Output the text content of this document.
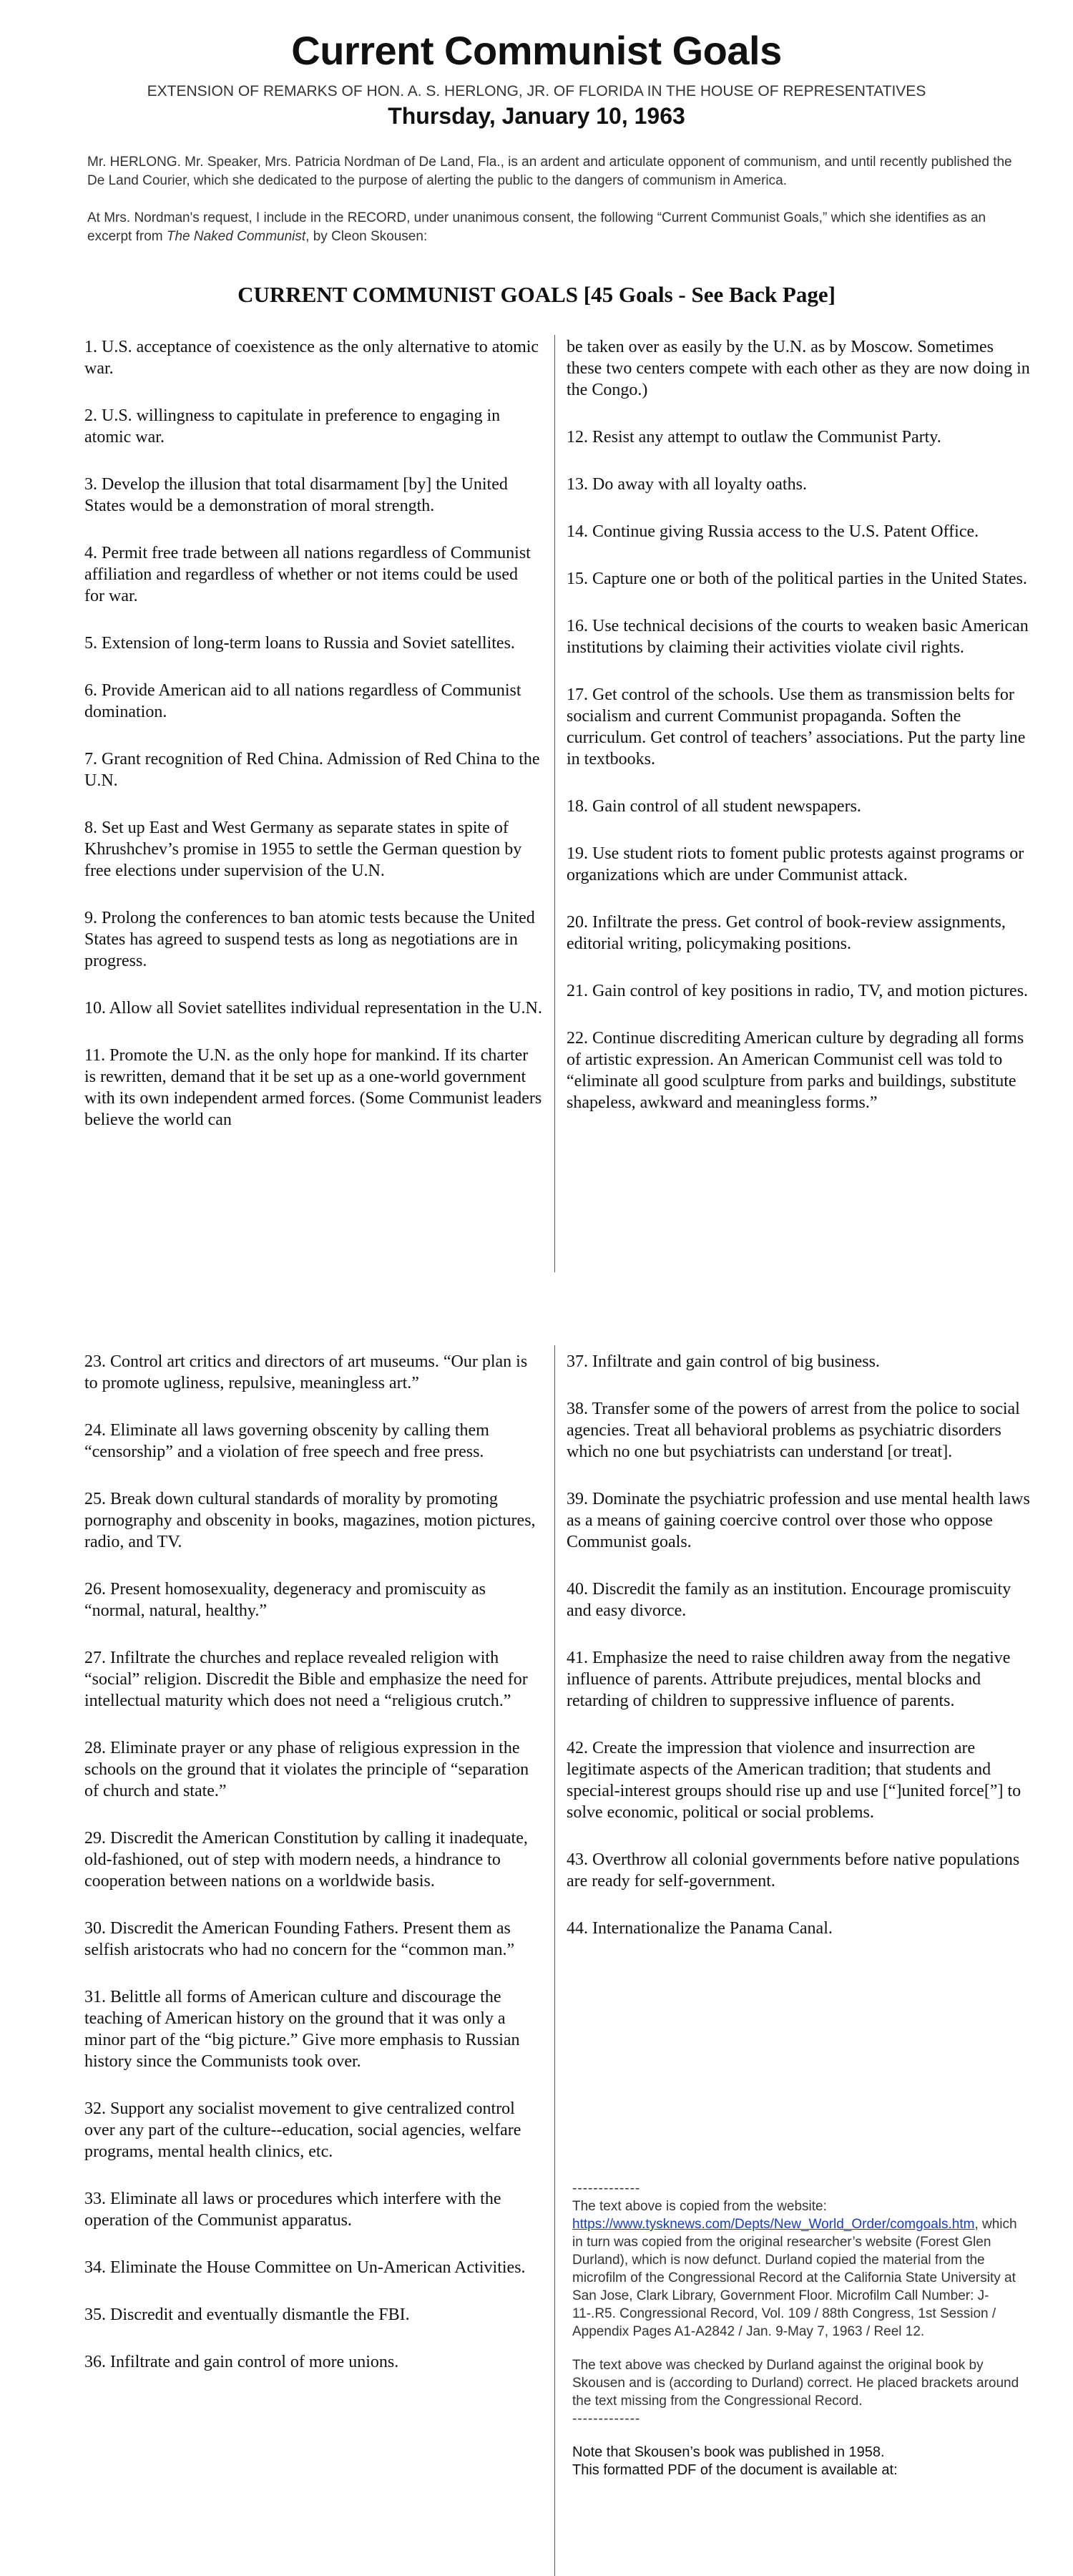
Current Communist Goals
EXTENSION OF REMARKS OF HON. A. S. HERLONG, JR. OF FLORIDA IN THE HOUSE OF REPRESENTATIVES
Thursday, January 10, 1963
Mr. HERLONG. Mr. Speaker, Mrs. Patricia Nordman of De Land, Fla., is an ardent and articulate opponent of communism, and until recently published the De Land Courier, which she dedicated to the purpose of alerting the public to the dangers of communism in America.
At Mrs. Nordman's request, I include in the RECORD, under unanimous consent, the following “Current Communist Goals,” which she identifies as an excerpt from The Naked Communist, by Cleon Skousen:
CURRENT COMMUNIST GOALS [45 Goals - See Back Page]

1. U.S. acceptance of coexistence as the only alternative to atomic war.

2. U.S. willingness to capitulate in preference to engaging in atomic war.

3. Develop the illusion that total disarmament [by] the United States would be a demonstration of moral strength.

4. Permit free trade between all nations regardless of Communist affiliation and regardless of whether or not items could be used for war.

5. Extension of long-term loans to Russia and Soviet satellites.

6. Provide American aid to all nations regardless of Communist domination.

7. Grant recognition of Red China. Admission of Red China to the U.N.

8. Set up East and West Germany as separate states in spite of Khrushchev’s promise in 1955 to settle the German question by free elections under supervision of the U.N.

9. Prolong the conferences to ban atomic tests because the United States has agreed to suspend tests as long as negotiations are in progress.

10. Allow all Soviet satellites individual representation in the U.N.

11. Promote the U.N. as the only hope for mankind. If its charter is rewritten, demand that it be set up as a one-world government with its own independent armed forces. (Some Communist leaders believe the world can

be taken over as easily by the U.N. as by Moscow. Sometimes these two centers compete with each other as they are now doing in the Congo.)

12. Resist any attempt to outlaw the Communist Party.

13. Do away with all loyalty oaths.

14. Continue giving Russia access to the U.S. Patent Office.

15. Capture one or both of the political parties in the United States.

16. Use technical decisions of the courts to weaken basic American institutions by claiming their activities violate civil rights.

17. Get control of the schools. Use them as transmission belts for socialism and current Communist propaganda. Soften the curriculum. Get control of teachers’ associations. Put the party line in textbooks.

18. Gain control of all student newspapers.

19. Use student riots to foment public protests against programs or organizations which are under Communist attack.

20. Infiltrate the press. Get control of book-review assignments, editorial writing, policymaking positions.

21. Gain control of key positions in radio, TV, and motion pictures.

22. Continue discrediting American culture by degrading all forms of artistic expression. An American Communist cell was told to “eliminate all good sculpture from parks and buildings, substitute shapeless, awkward and meaningless forms.”

23. Control art critics and directors of art museums. “Our plan is to promote ugliness, repulsive, meaningless art.”

24. Eliminate all laws governing obscenity by calling them “censorship” and a violation of free speech and free press.

25. Break down cultural standards of morality by promoting pornography and obscenity in books, magazines, motion pictures, radio, and TV.

26. Present homosexuality, degeneracy and promiscuity as “normal, natural, healthy.”

27. Infiltrate the churches and replace revealed religion with “social” religion. Discredit the Bible and emphasize the need for intellectual maturity which does not need a “religious crutch.”

28. Eliminate prayer or any phase of religious expression in the schools on the ground that it violates the principle of “separation of church and state.”

29. Discredit the American Constitution by calling it inadequate, old-fashioned, out of step with modern needs, a hindrance to cooperation between nations on a worldwide basis.

30. Discredit the American Founding Fathers. Present them as selfish aristocrats who had no concern for the “common man.”

31. Belittle all forms of American culture and discourage the teaching of American history on the ground that it was only a minor part of the “big picture.” Give more emphasis to Russian history since the Communists took over.

32. Support any socialist movement to give centralized control over any part of the culture--education, social agencies, welfare programs, mental health clinics, etc.

33. Eliminate all laws or procedures which interfere with the operation of the Communist apparatus.

34. Eliminate the House Committee on Un-American Activities.

35. Discredit and eventually dismantle the FBI.

36. Infiltrate and gain control of more unions.

37. Infiltrate and gain control of big business.

38. Transfer some of the powers of arrest from the police to social agencies. Treat all behavioral problems as psychiatric disorders which no one but psychiatrists can understand [or treat].

39. Dominate the psychiatric profession and use mental health laws as a means of gaining coercive control over those who oppose Communist goals.

40. Discredit the family as an institution. Encourage promiscuity and easy divorce.

41. Emphasize the need to raise children away from the negative influence of parents. Attribute prejudices, mental blocks and retarding of children to suppressive influence of parents.

42. Create the impression that violence and insurrection are legitimate aspects of the American tradition; that students and special-interest groups should rise up and use [“]united force[”] to solve economic, political or social problems.

43. Overthrow all colonial governments before native populations are ready for self-government.

44. Internationalize the Panama Canal.

-------------

The text above is copied from the website:
https://www.tysknews.com/Depts/New_World_Order/comgoals.htm, which in turn was copied from the original researcher’s website (Forest Glen Durland), which is now defunct. Durland copied the material from the microfilm of the Congressional Record at the California State University at San Jose, Clark Library, Government Floor. Microfilm Call Number: J-11-.R5. Congressional Record, Vol. 109 / 88th Congress, 1st Session / Appendix Pages A1-A2842 / Jan. 9-May 7, 1963 / Reel 12.

The text above was checked by Durland against the original book by Skousen and is (according to Durland) correct. He placed brackets around the text missing from the Congressional Record.
-------------

Note that Skousen’s book was published in 1958.
This formatted PDF of the document is available at:
